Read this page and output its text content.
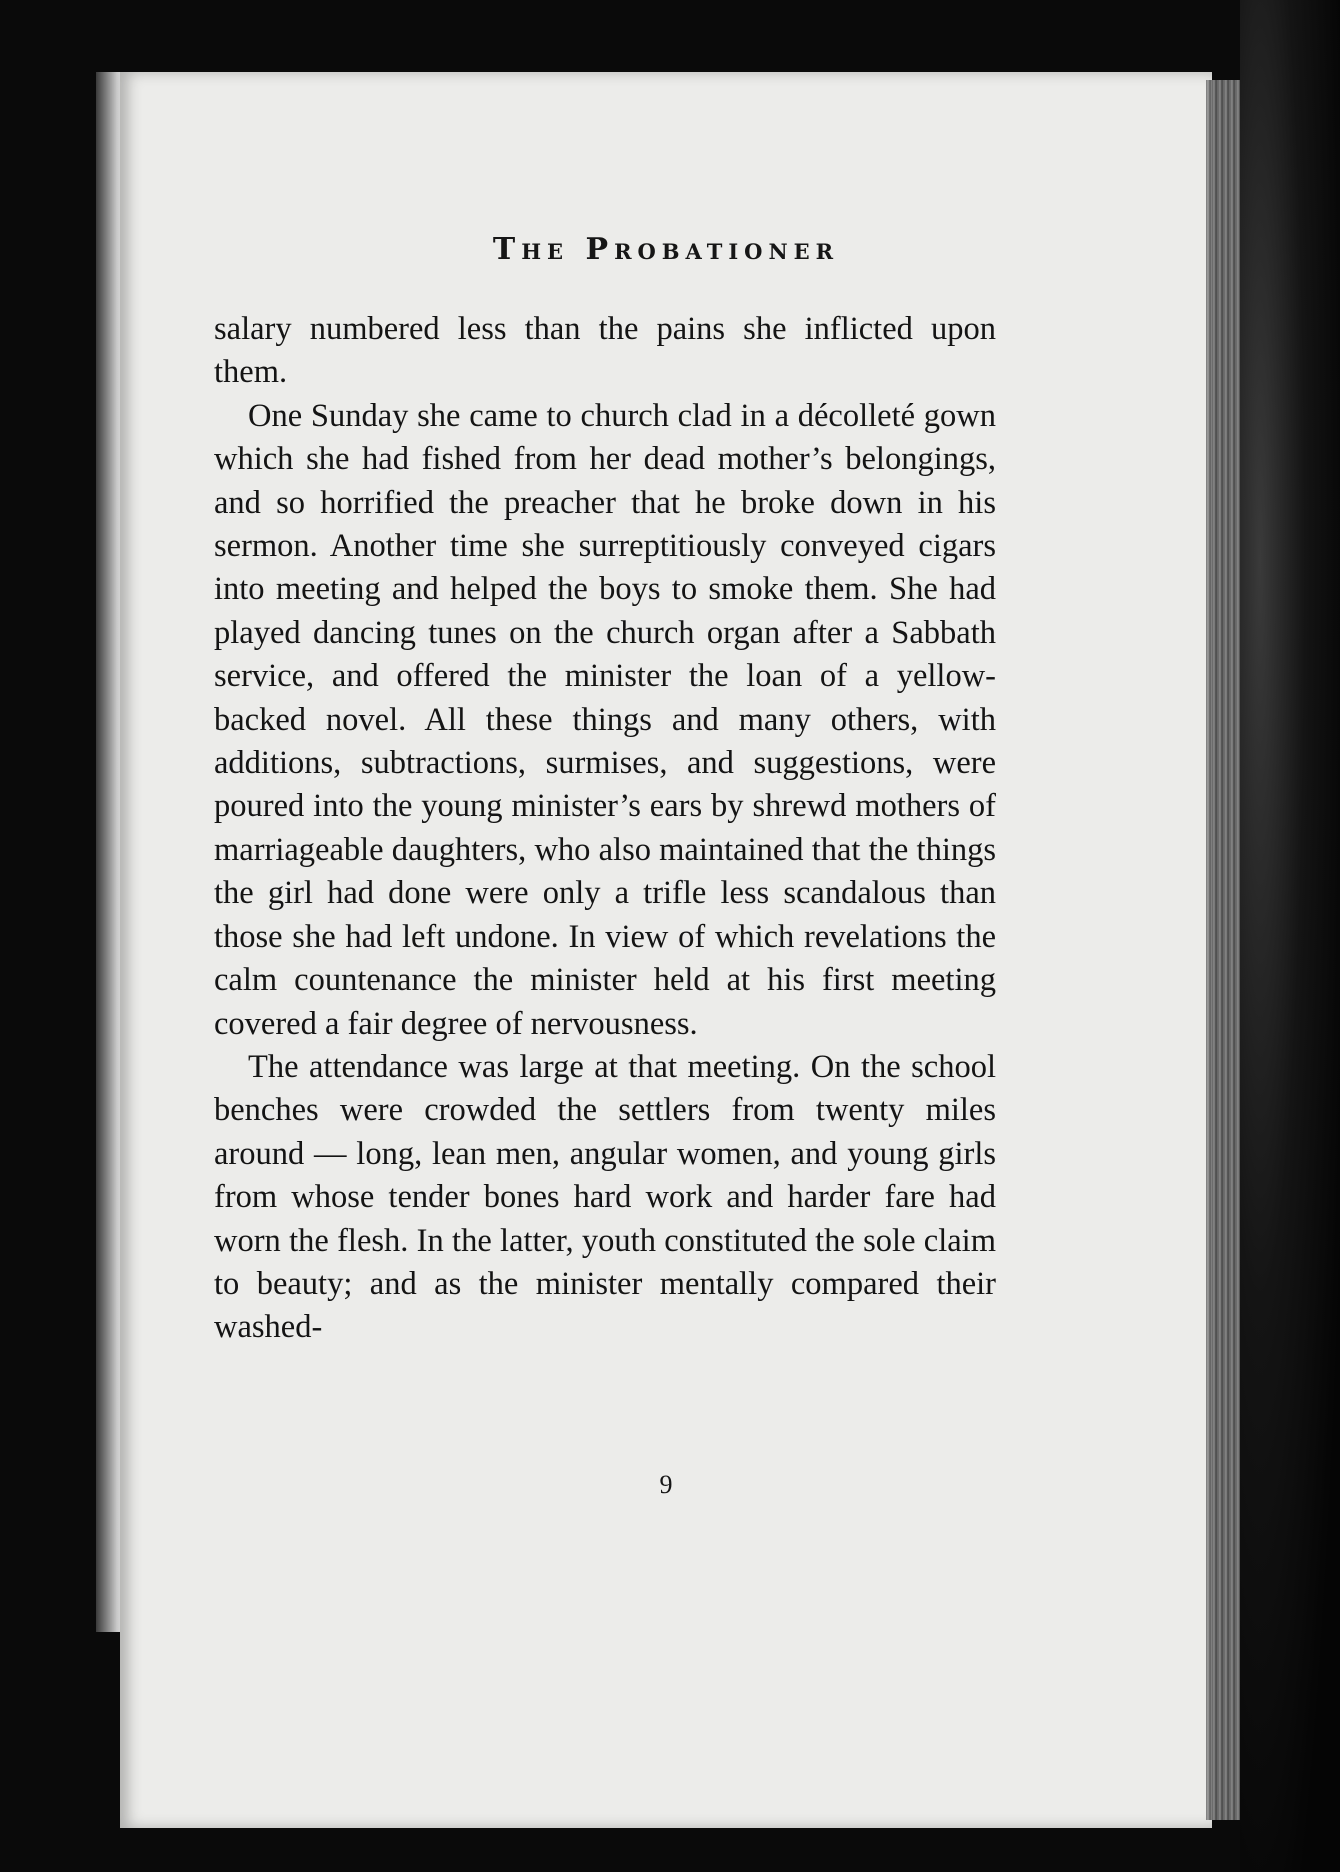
The Probationer

salary numbered less than the pains she inflicted upon them.

One Sunday she came to church clad in a décolleté gown which she had fished from her dead mother’s belongings, and so horrified the preacher that he broke down in his sermon. Another time she surreptitiously conveyed cigars into meeting and helped the boys to smoke them. She had played dancing tunes on the church organ after a Sabbath service, and offered the minister the loan of a yellow-backed novel. All these things and many others, with additions, subtractions, surmises, and suggestions, were poured into the young minister’s ears by shrewd mothers of marriageable daughters, who also maintained that the things the girl had done were only a trifle less scandalous than those she had left undone. In view of which revelations the calm countenance the minister held at his first meeting covered a fair degree of nervousness.

The attendance was large at that meeting. On the school benches were crowded the settlers from twenty miles around — long, lean men, angular women, and young girls from whose tender bones hard work and harder fare had worn the flesh. In the latter, youth constituted the sole claim to beauty; and as the minister mentally compared their washed-

9
